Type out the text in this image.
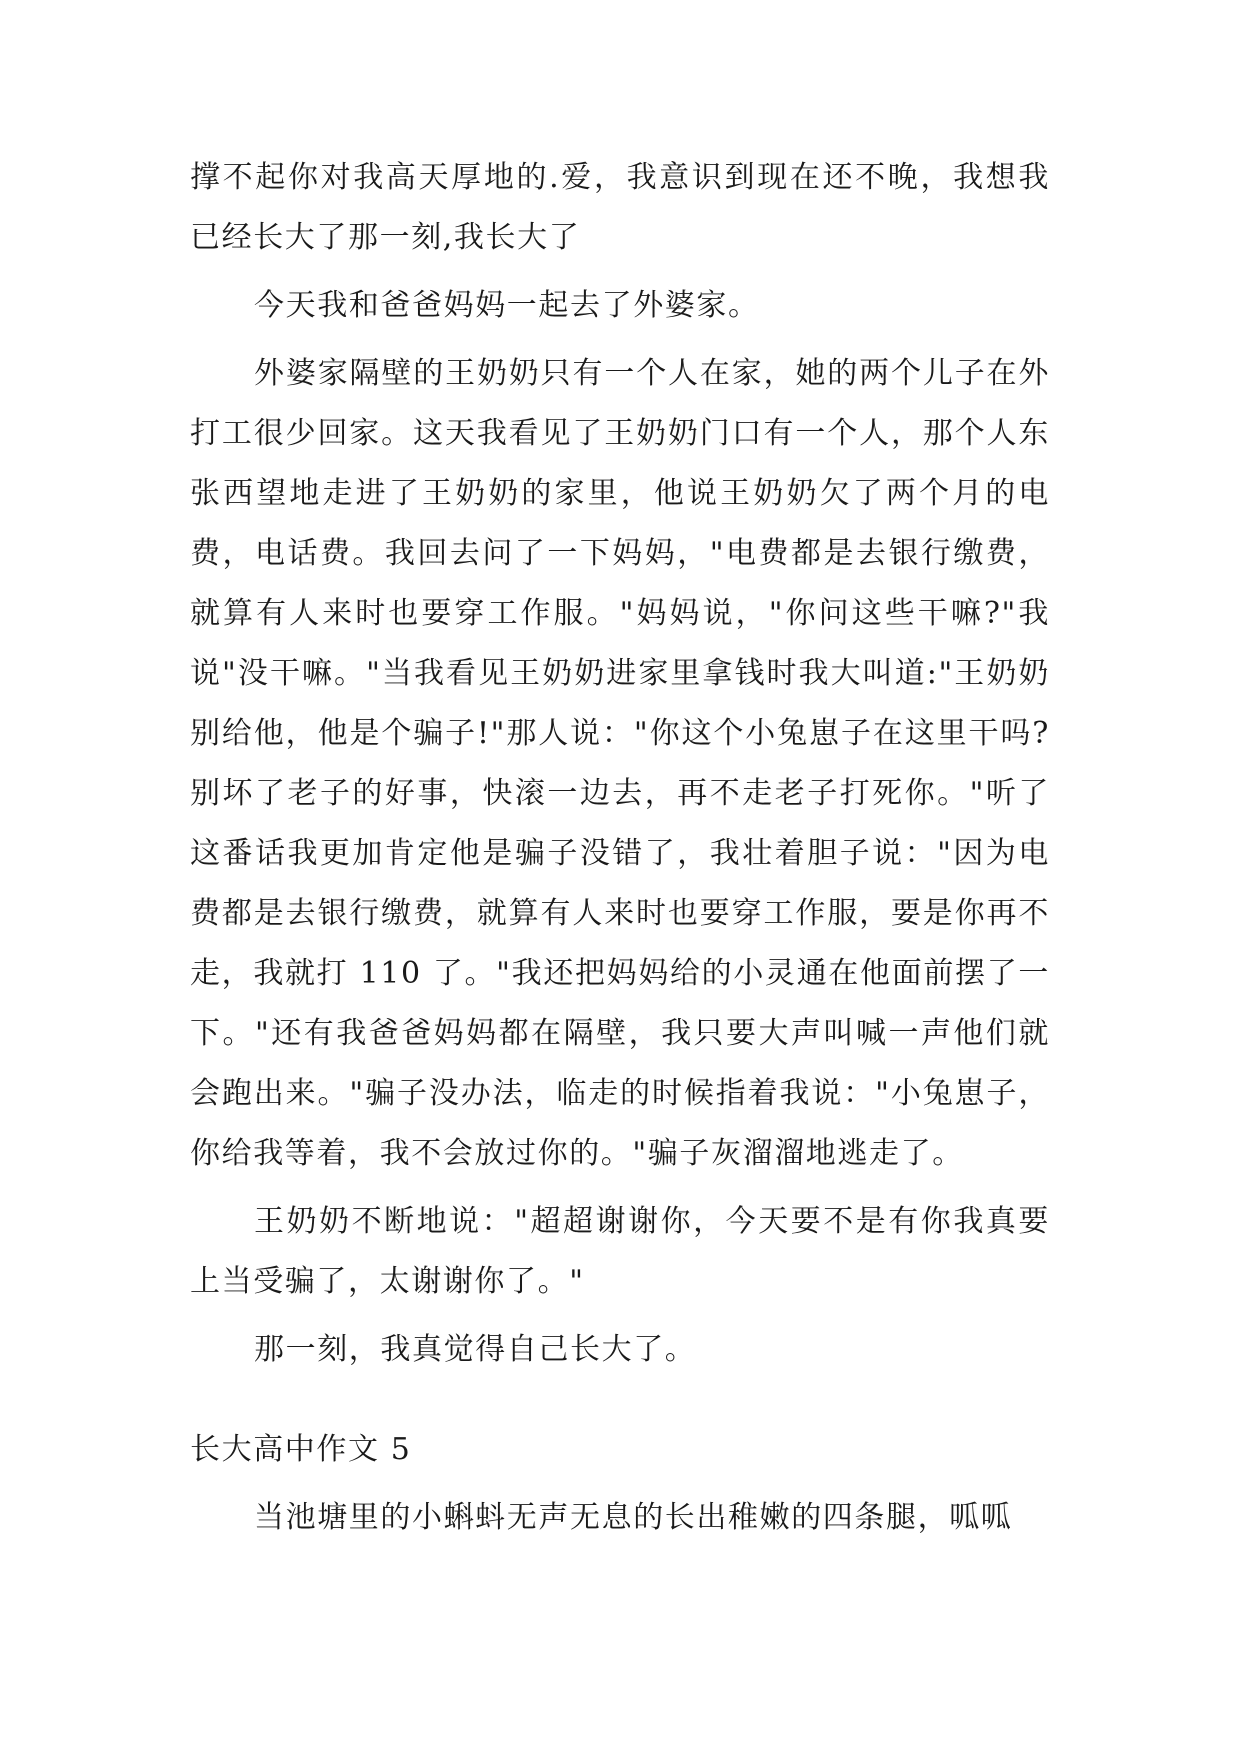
撑不起你对我高天厚地的.爱，我意识到现在还不晚，我想我已经长大了那一刻,我长大了

今天我和爸爸妈妈一起去了外婆家。

外婆家隔壁的王奶奶只有一个人在家，她的两个儿子在外打工很少回家。这天我看见了王奶奶门口有一个人，那个人东张西望地走进了王奶奶的家里，他说王奶奶欠了两个月的电费，电话费。我回去问了一下妈妈，"电费都是去银行缴费，就算有人来时也要穿工作服。"妈妈说，"你问这些干嘛?"我说"没干嘛。"当我看见王奶奶进家里拿钱时我大叫道:"王奶奶别给他，他是个骗子!"那人说："你这个小兔崽子在这里干吗?别坏了老子的好事，快滚一边去，再不走老子打死你。"听了这番话我更加肯定他是骗子没错了，我壮着胆子说："因为电费都是去银行缴费，就算有人来时也要穿工作服，要是你再不走，我就打 110 了。"我还把妈妈给的小灵通在他面前摆了一下。"还有我爸爸妈妈都在隔壁，我只要大声叫喊一声他们就会跑出来。"骗子没办法，临走的时候指着我说："小兔崽子，你给我等着，我不会放过你的。"骗子灰溜溜地逃走了。

王奶奶不断地说："超超谢谢你，今天要不是有你我真要上当受骗了，太谢谢你了。"

那一刻，我真觉得自己长大了。

长大高中作文 5

当池塘里的小蝌蚪无声无息的长出稚嫩的四条腿，呱呱
